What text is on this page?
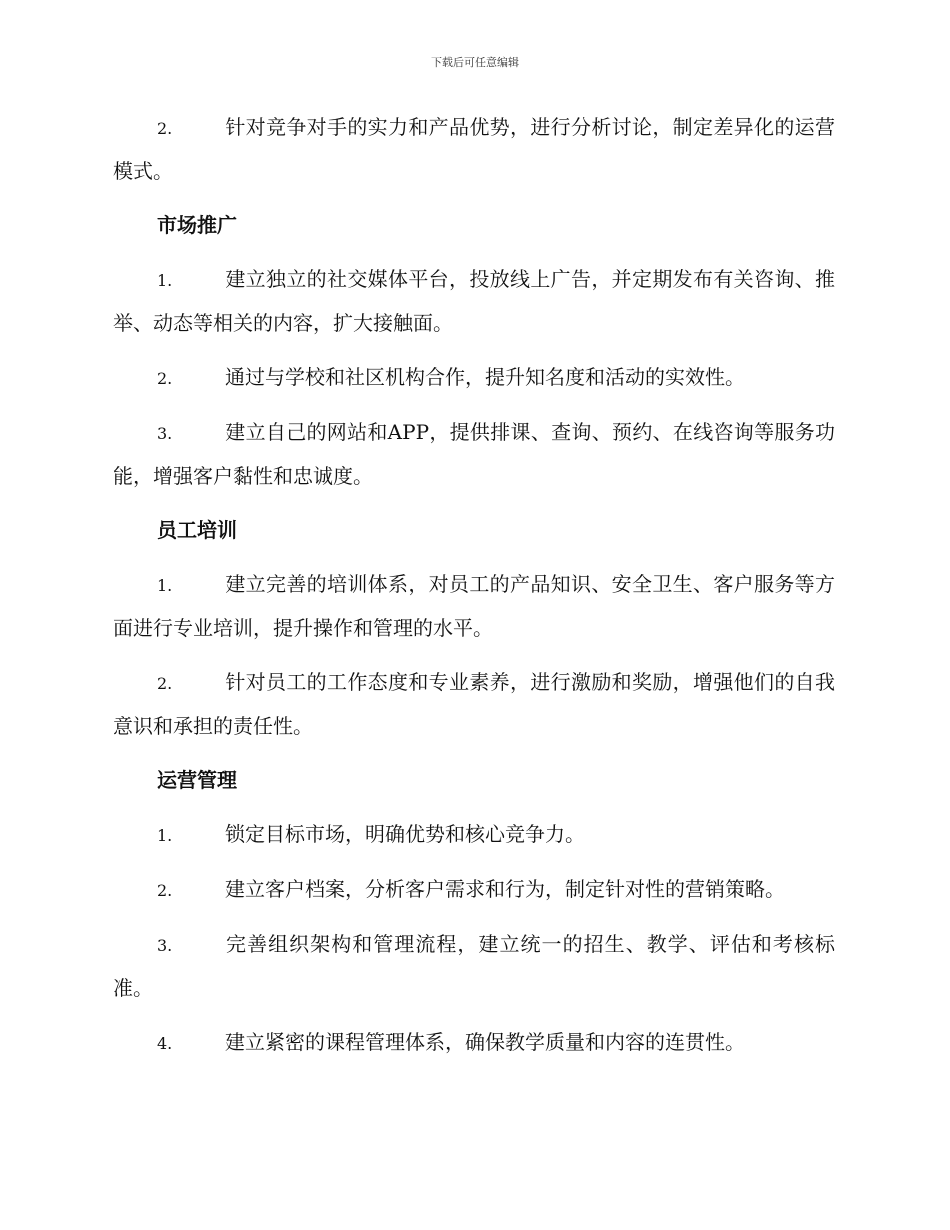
下载后可任意编辑

2.	针对竞争对手的实力和产品优势，进行分析讨论，制定差异化的运营模式。

市场推广

1.	建立独立的社交媒体平台，投放线上广告，并定期发布有关咨询、推举、动态等相关的内容，扩大接触面。

2.	通过与学校和社区机构合作，提升知名度和活动的实效性。

3.	建立自己的网站和APP，提供排课、查询、预约、在线咨询等服务功能，增强客户黏性和忠诚度。

员工培训

1.	建立完善的培训体系，对员工的产品知识、安全卫生、客户服务等方面进行专业培训，提升操作和管理的水平。

2.	针对员工的工作态度和专业素养，进行激励和奖励，增强他们的自我意识和承担的责任性。

运营管理

1.	锁定目标市场，明确优势和核心竞争力。

2.	建立客户档案，分析客户需求和行为，制定针对性的营销策略。

3.	完善组织架构和管理流程，建立统一的招生、教学、评估和考核标准。

4.	建立紧密的课程管理体系，确保教学质量和内容的连贯性。
